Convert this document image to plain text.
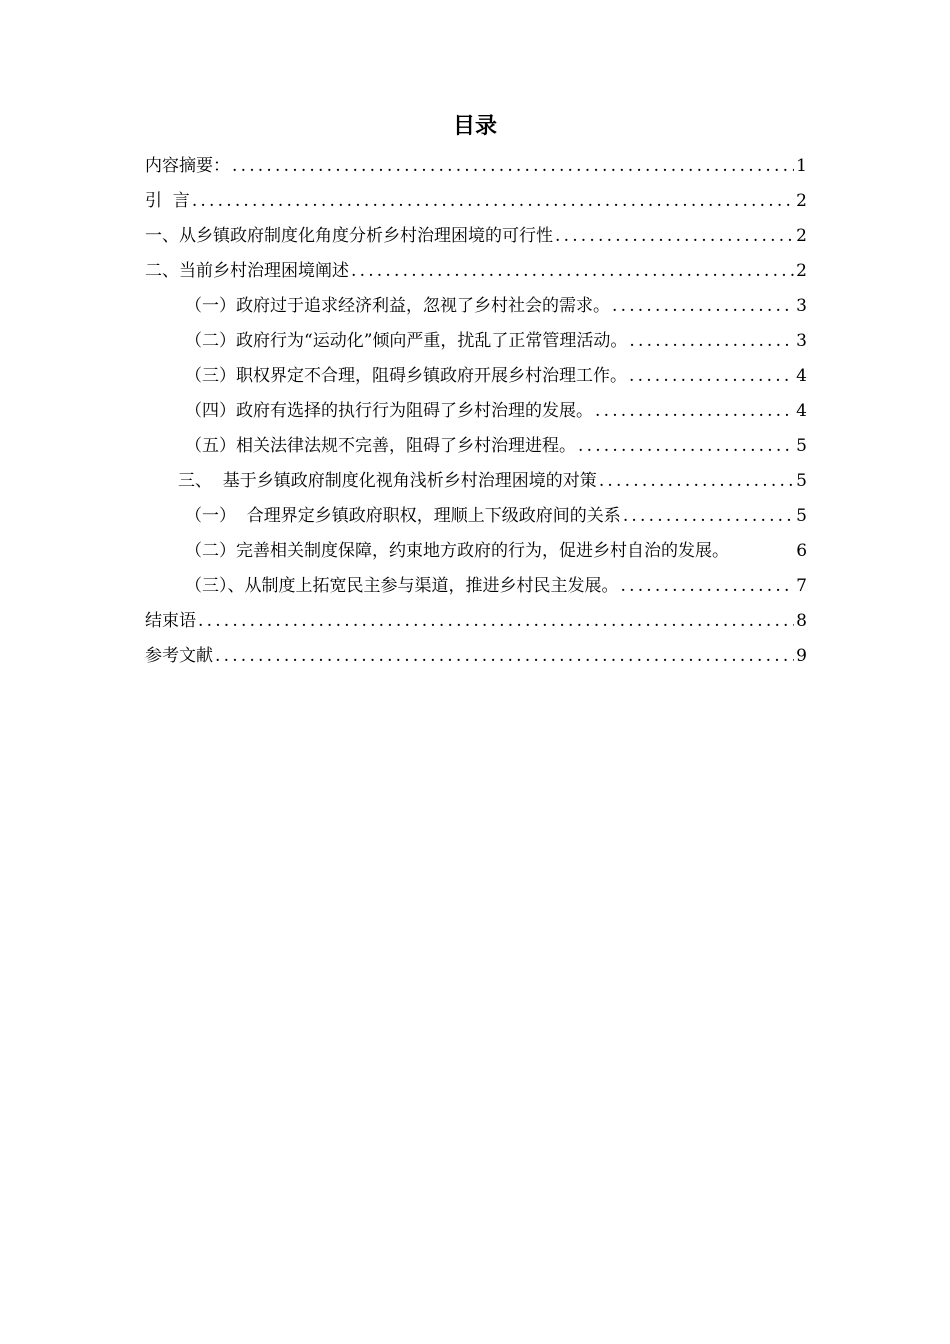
目录
内容摘要： .....	1
引  言 .....	2
一、从乡镇政府制度化角度分析乡村治理困境的可行性 .....	2
二、当前乡村治理困境阐述 .....	2
（一）政府过于追求经济利益，忽视了乡村社会的需求。 .....	3
（二）政府行为“运动化”倾向严重，扰乱了正常管理活动。 .....	3
（三）职权界定不合理，阻碍乡镇政府开展乡村治理工作。 .....	4
（四）政府有选择的执行行为阻碍了乡村治理的发展。 .....	4
（五）相关法律法规不完善，阻碍了乡村治理进程。 .....	5
三、  基于乡镇政府制度化视角浅析乡村治理困境的对策 .....	5
（一）  合理界定乡镇政府职权，理顺上下级政府间的关系 .....	5
（二）完善相关制度保障，约束地方政府的行为，促进乡村自治的发展。	6
（三）、从制度上拓宽民主参与渠道，推进乡村民主发展。 .....	7
结束语 .....	8
参考文献 .....	9
